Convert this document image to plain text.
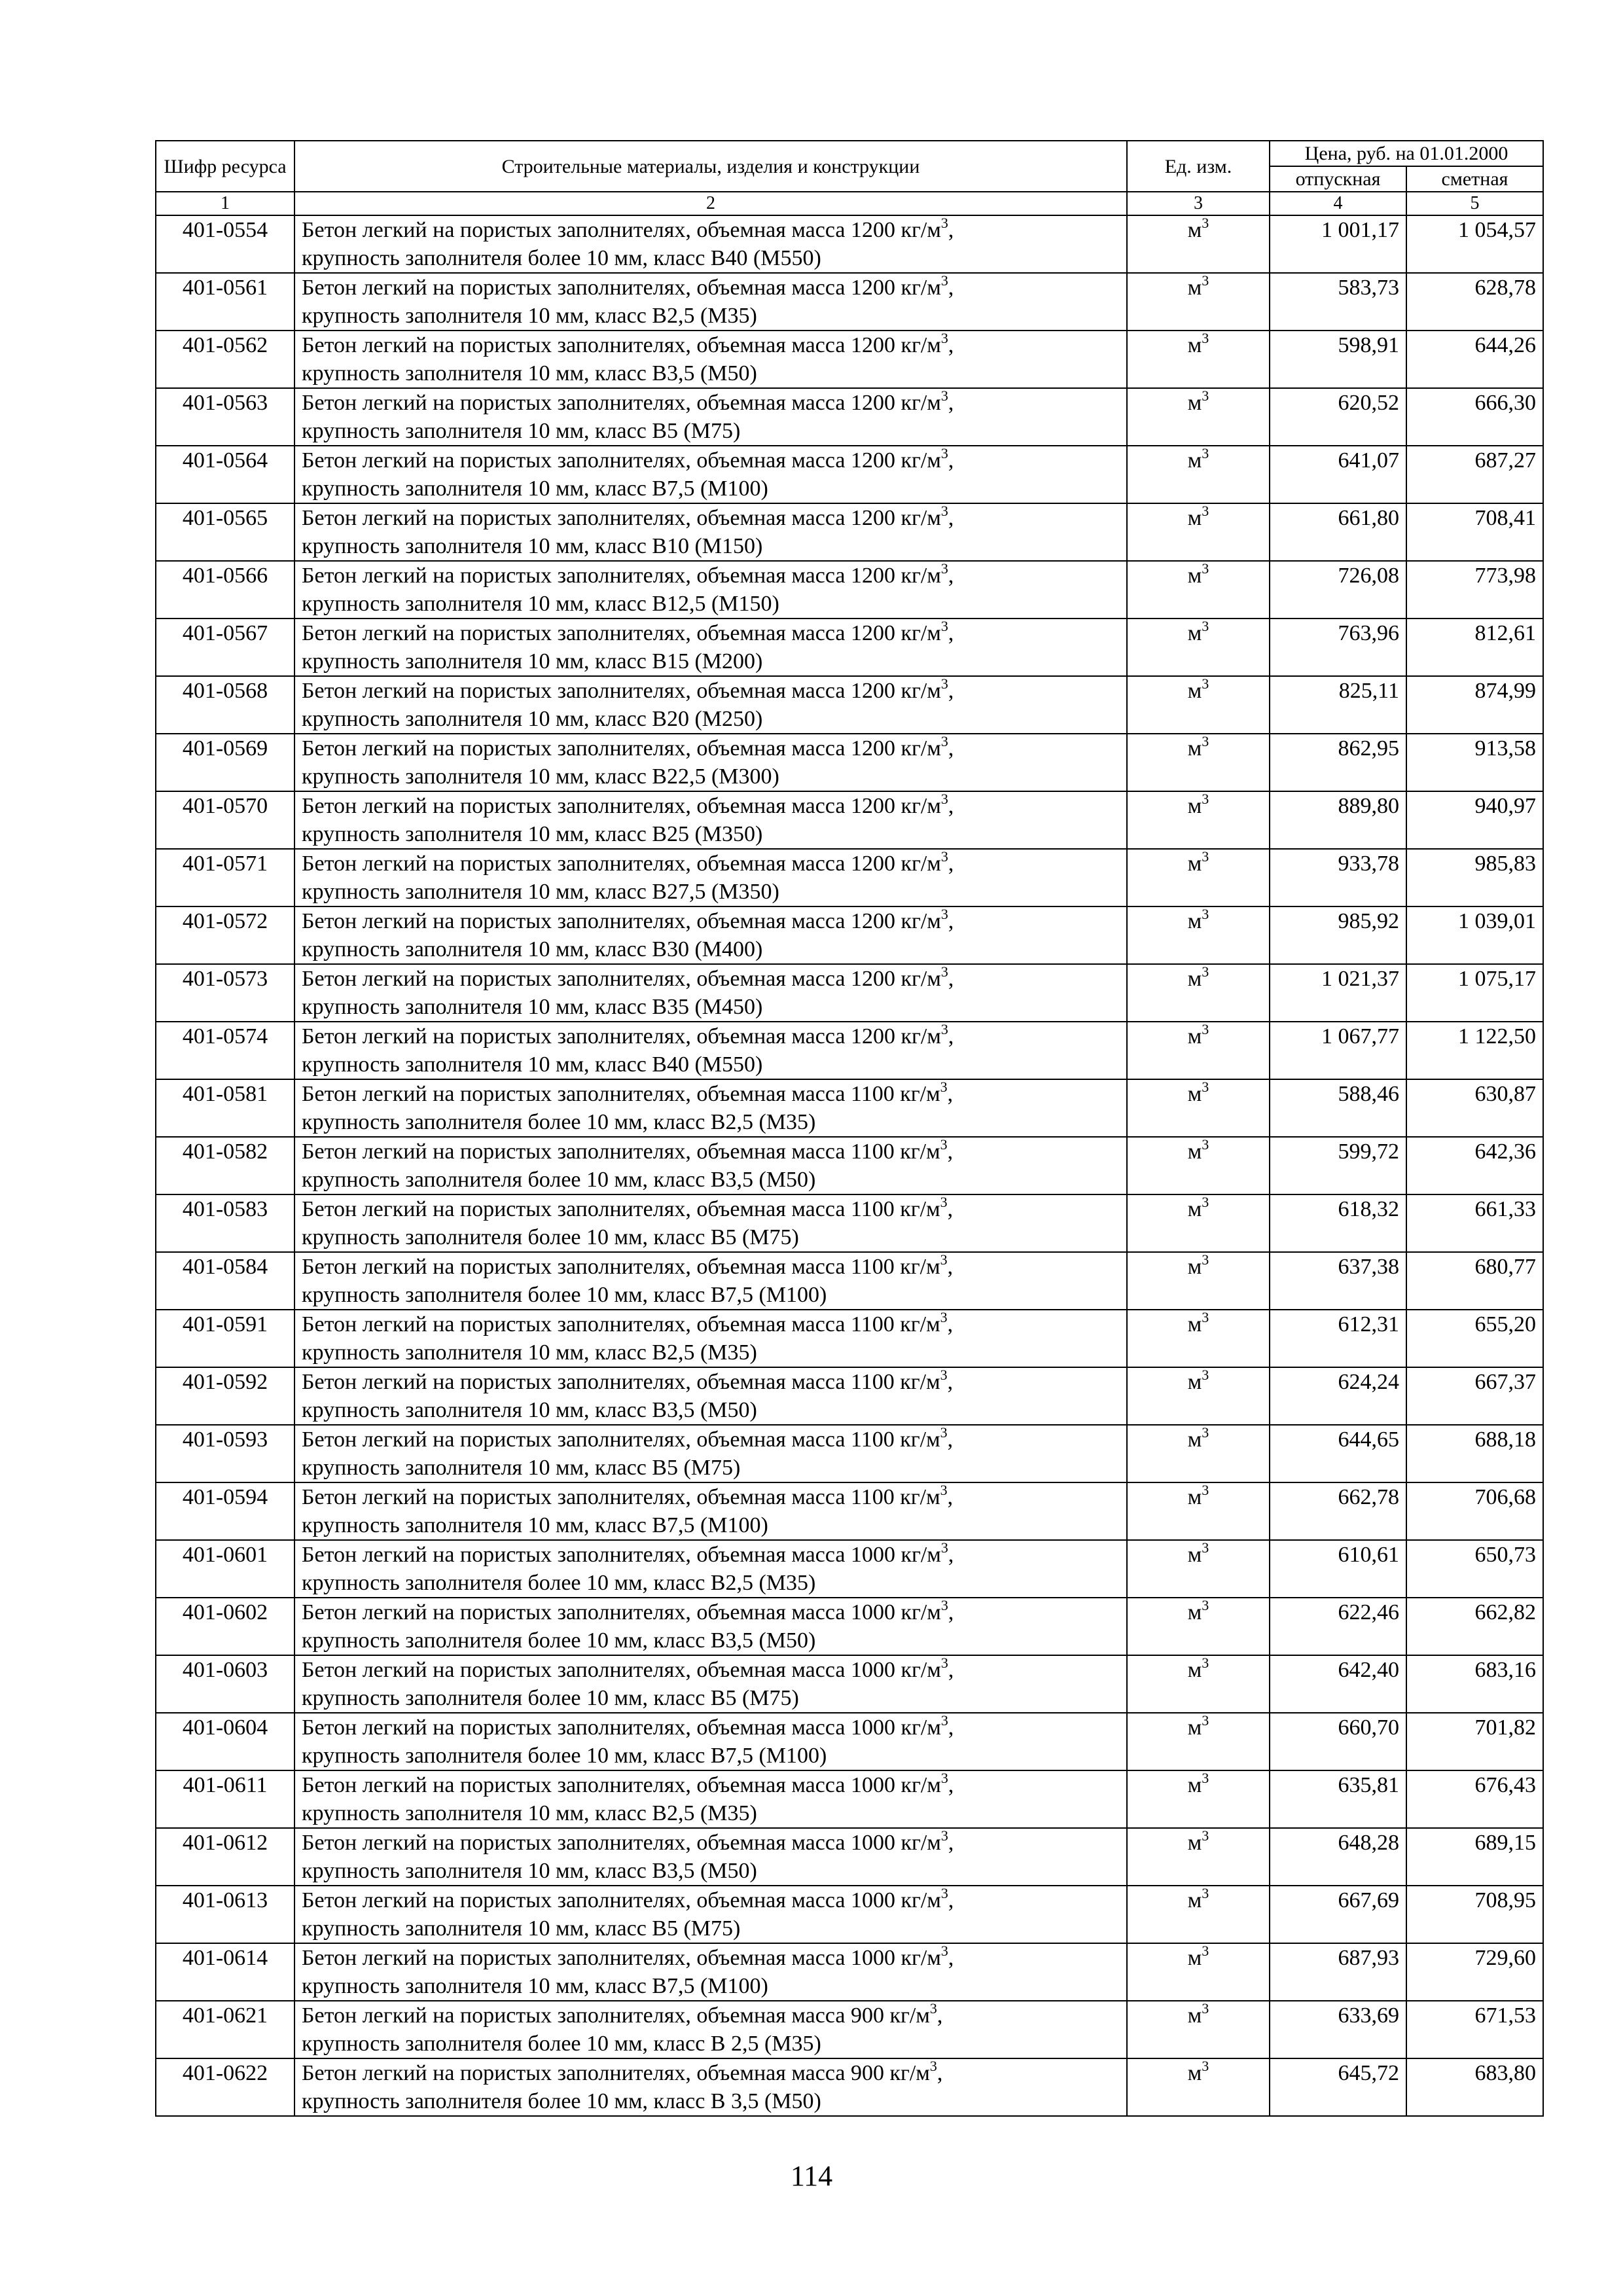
Шифр ресурса	Строительные материалы, изделия и конструкции	Ед. изм.	Цена, руб. на 01.01.2000	
			отпускная	сметная
1	2	3	4	5
401-0554	Бетон легкий на пористых заполнителях, объемная масса 1200 $кг/м^3$,
крупность заполнителя более 10 мм, класс В40 (М550)	$м^3$	1 001,17	1 054,57
401-0561	Бетон легкий на пористых заполнителях, объемная масса 1200 $кг/м^3$,
крупность заполнителя 10 мм, класс В2,5 (М35)	$м^3$	583,73	628,78
401-0562	Бетон легкий на пористых заполнителях, объемная масса 1200 $кг/м^3$,
крупность заполнителя 10 мм, класс В3,5 (М50)	$м^3$	598,91	644,26
401-0563	Бетон легкий на пористых заполнителях, объемная масса 1200 $кг/м^3$,
крупность заполнителя 10 мм, класс В5 (М75)	$м^3$	620,52	666,30
401-0564	Бетон легкий на пористых заполнителях, объемная масса 1200 $кг/м^3$,
крупность заполнителя 10 мм, класс В7,5 (М100)	$м^3$	641,07	687,27
401-0565	Бетон легкий на пористых заполнителях, объемная масса 1200 $кг/м^3$,
крупность заполнителя 10 мм, класс В10 (М150)	$м^3$	661,80	708,41
401-0566	Бетон легкий на пористых заполнителях, объемная масса 1200 $кг/м^3$,
крупность заполнителя 10 мм, класс В12,5 (М150)	$м^3$	726,08	773,98
401-0567	Бетон легкий на пористых заполнителях, объемная масса 1200 $кг/м^3$,
крупность заполнителя 10 мм, класс В15 (М200)	$м^3$	763,96	812,61
401-0568	Бетон легкий на пористых заполнителях, объемная масса 1200 $кг/м^3$,
крупность заполнителя 10 мм, класс В20 (М250)	$м^3$	825,11	874,99
401-0569	Бетон легкий на пористых заполнителях, объемная масса 1200 $кг/м^3$,
крупность заполнителя 10 мм, класс В22,5 (М300)	$м^3$	862,95	913,58
401-0570	Бетон легкий на пористых заполнителях, объемная масса 1200 $кг/м^3$,
крупность заполнителя 10 мм, класс В25 (М350)	$м^3$	889,80	940,97
401-0571	Бетон легкий на пористых заполнителях, объемная масса 1200 $кг/м^3$,
крупность заполнителя 10 мм, класс В27,5 (М350)	$м^3$	933,78	985,83
401-0572	Бетон легкий на пористых заполнителях, объемная масса 1200 $кг/м^3$,
крупность заполнителя 10 мм, класс В30 (М400)	$м^3$	985,92	1 039,01
401-0573	Бетон легкий на пористых заполнителях, объемная масса 1200 $кг/м^3$,
крупность заполнителя 10 мм, класс В35 (М450)	$м^3$	1 021,37	1 075,17
401-0574	Бетон легкий на пористых заполнителях, объемная масса 1200 $кг/м^3$,
крупность заполнителя 10 мм, класс В40 (М550)	$м^3$	1 067,77	1 122,50
401-0581	Бетон легкий на пористых заполнителях, объемная масса 1100 $кг/м^3$,
крупность заполнителя более 10 мм, класс В2,5 (М35)	$м^3$	588,46	630,87
401-0582	Бетон легкий на пористых заполнителях, объемная масса 1100 $кг/м^3$,
крупность заполнителя более 10 мм, класс В3,5 (М50)	$м^3$	599,72	642,36
401-0583	Бетон легкий на пористых заполнителях, объемная масса 1100 $кг/м^3$,
крупность заполнителя более 10 мм, класс В5 (М75)	$м^3$	618,32	661,33
401-0584	Бетон легкий на пористых заполнителях, объемная масса 1100 $кг/м^3$,
крупность заполнителя более 10 мм, класс В7,5 (М100)	$м^3$	637,38	680,77
401-0591	Бетон легкий на пористых заполнителях, объемная масса 1100 $кг/м^3$,
крупность заполнителя 10 мм, класс В2,5 (М35)	$м^3$	612,31	655,20
401-0592	Бетон легкий на пористых заполнителях, объемная масса 1100 $кг/м^3$,
крупность заполнителя 10 мм, класс В3,5 (М50)	$м^3$	624,24	667,37
401-0593	Бетон легкий на пористых заполнителях, объемная масса 1100 $кг/м^3$,
крупность заполнителя 10 мм, класс В5 (М75)	$м^3$	644,65	688,18
401-0594	Бетон легкий на пористых заполнителях, объемная масса 1100 $кг/м^3$,
крупность заполнителя 10 мм, класс В7,5 (М100)	$м^3$	662,78	706,68
401-0601	Бетон легкий на пористых заполнителях, объемная масса 1000 $кг/м^3$,
крупность заполнителя более 10 мм, класс В2,5 (М35)	$м^3$	610,61	650,73
401-0602	Бетон легкий на пористых заполнителях, объемная масса 1000 $кг/м^3$,
крупность заполнителя более 10 мм, класс В3,5 (М50)	$м^3$	622,46	662,82
401-0603	Бетон легкий на пористых заполнителях, объемная масса 1000 $кг/м^3$,
крупность заполнителя более 10 мм, класс В5 (М75)	$м^3$	642,40	683,16
401-0604	Бетон легкий на пористых заполнителях, объемная масса 1000 $кг/м^3$,
крупность заполнителя более 10 мм, класс В7,5 (М100)	$м^3$	660,70	701,82
401-0611	Бетон легкий на пористых заполнителях, объемная масса 1000 $кг/м^3$,
крупность заполнителя 10 мм, класс В2,5 (М35)	$м^3$	635,81	676,43
401-0612	Бетон легкий на пористых заполнителях, объемная масса 1000 $кг/м^3$,
крупность заполнителя 10 мм, класс В3,5 (М50)	$м^3$	648,28	689,15
401-0613	Бетон легкий на пористых заполнителях, объемная масса 1000 $кг/м^3$,
крупность заполнителя 10 мм, класс В5 (М75)	$м^3$	667,69	708,95
401-0614	Бетон легкий на пористых заполнителях, объемная масса 1000 $кг/м^3$,
крупность заполнителя 10 мм, класс В7,5 (М100)	$м^3$	687,93	729,60
401-0621	Бетон легкий на пористых заполнителях, объемная масса 900 $кг/м^3$,
крупность заполнителя более 10 мм, класс В 2,5 (М35)	$м^3$	633,69	671,53
401-0622	Бетон легкий на пористых заполнителях, объемная масса 900 $кг/м^3$,
крупность заполнителя более 10 мм, класс В 3,5 (М50)	$м^3$	645,72	683,80
114
